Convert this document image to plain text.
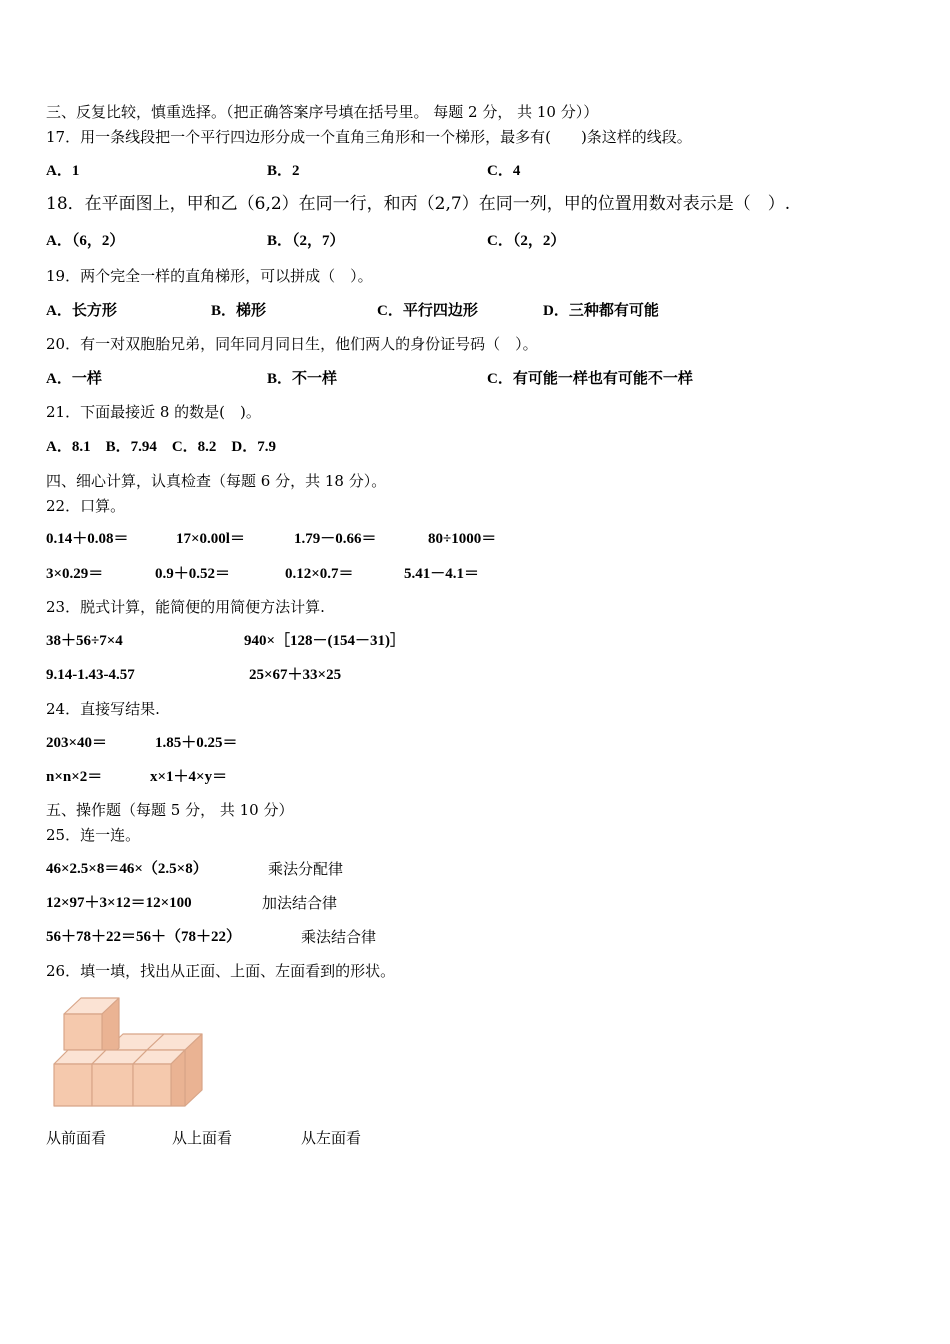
三、反复比较，慎重选择。（把正确答案序号填在括号里。 每题 2 分， 共 10 分））
17．用一条线段把一个平行四边形分成一个直角三角形和一个梯形，最多有(　　)条这样的线段。
A．1	B．2	C．4
18．在平面图上，甲和乙（6,2）在同一行，和丙（2,7）在同一列，甲的位置用数对表示是（　）.
A．（6，2）	B．（2，7）	C．（2，2）
19．两个完全一样的直角梯形，可以拼成（　）。
A．长方形	B．梯形	C．平行四边形	D．三种都有可能
20．有一对双胞胎兄弟，同年同月同日生，他们两人的身份证号码（　）。
A．一样	B．不一样	C．有可能一样也有可能不一样
21．下面最接近 8 的数是(　)。
A．8.1　B．7.94　C．8.2　D．7.9
四、细心计算，认真检查（每题 6 分，共 18 分）。
22．口算。
0.14＋0.08＝	17×0.00l＝	1.79－0.66＝	80÷1000＝
3×0.29＝	0.9＋0.52＝	0.12×0.7＝	5.41－4.1＝
23．脱式计算，能简便的用简便方法计算.
38＋56÷7×4	940×［128－(154－31)］
9.14-1.43-4.57	25×67＋33×25
24．直接写结果.
203×40＝	1.85＋0.25＝
n×n×2＝	x×1＋4×y＝
五、操作题（每题 5 分， 共 10 分）
25．连一连。
46×2.5×8＝46×（2.5×8）	乘法分配律
12×97＋3×12＝12×100	加法结合律
56＋78＋22＝56＋（78＋22）	乘法结合律
26．填一填，找出从正面、上面、左面看到的形状。
从前面看	从上面看	从左面看
